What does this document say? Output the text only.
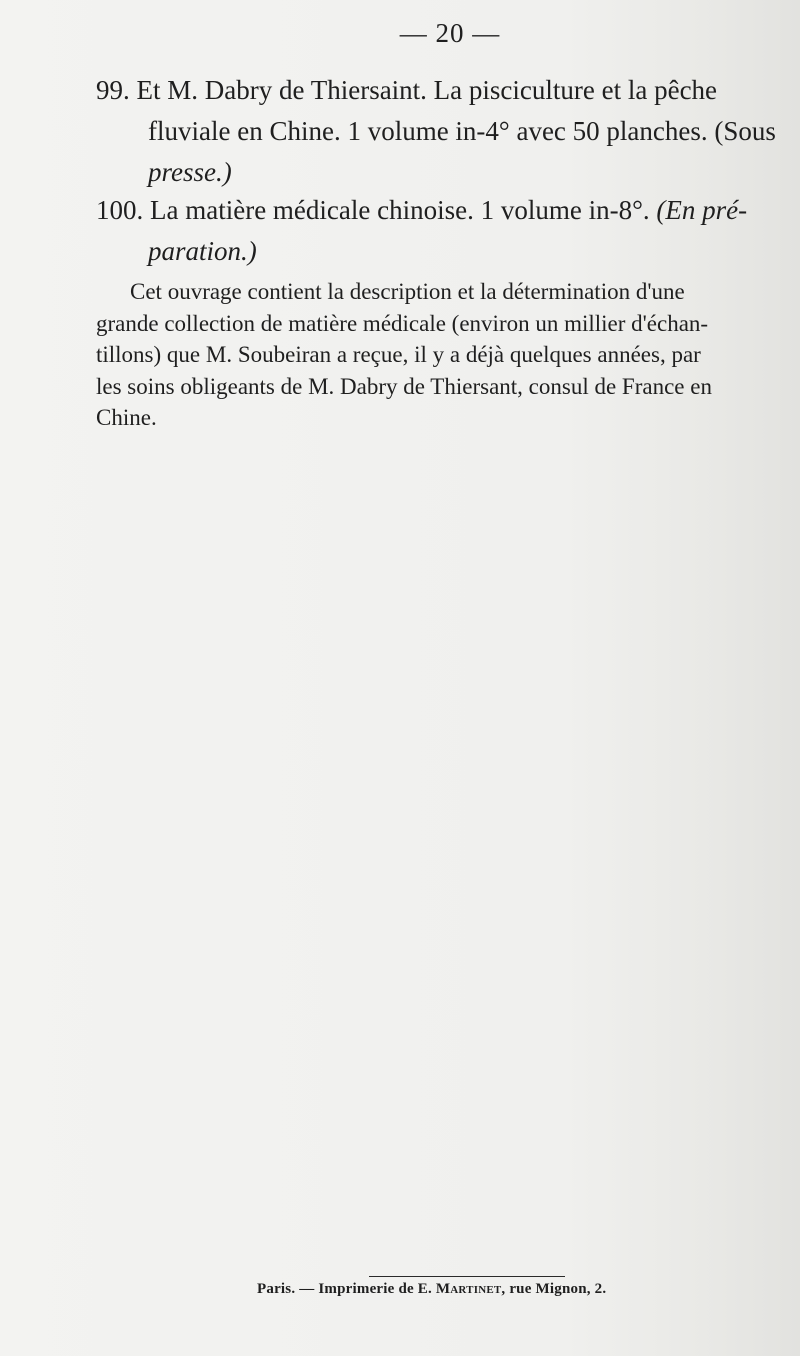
— 20 —
99. Et M. Dabry de Thiersaint. La pisciculture et la pêche
fluviale en Chine. 1 volume in-4° avec 50 planches. (Sous
presse.)
100. La matière médicale chinoise. 1 volume in-8°. (En pré-
paration.)
Cet ouvrage contient la description et la détermination d'une
grande collection de matière médicale (environ un millier d'échan-
tillons) que M. Soubeiran a reçue, il y a déjà quelques années, par
les soins obligeants de M. Dabry de Thiersant, consul de France en
Chine.
Paris. — Imprimerie de E. Martinet, rue Mignon, 2.
